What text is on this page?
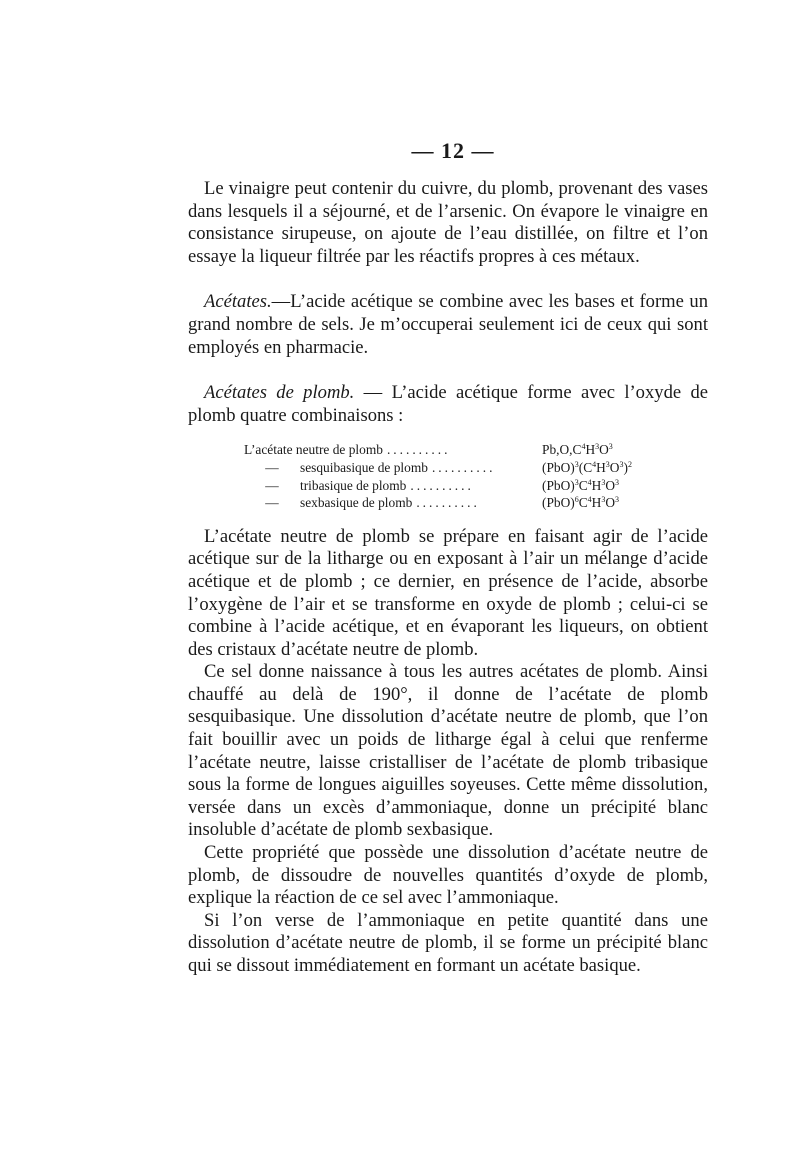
— 12 —

Le vinaigre peut contenir du cuivre, du plomb, provenant des vases dans lesquels il a séjourné, et de l’arsenic. On évapore le vinaigre en consistance sirupeuse, on ajoute de l’eau distillée, on filtre et l’on essaye la liqueur filtrée par les réactifs propres à ces métaux.

Acétates.—L’acide acétique se combine avec les bases et forme un grand nombre de sels. Je m’occuperai seulement ici de ceux qui sont employés en pharmacie.

Acétates de plomb. — L’acide acétique forme avec l’oxyde de plomb quatre combinaisons :

L’acétate neutre de plomb ..........	$Pb,O,C^4H^3O^3$
—	sesquibasique de plomb ..........	$(PbO)^3(C^4H^3O^3)^2$
—	tribasique de plomb ..........	$(PbO)^3C^4H^3O^3$
—	sexbasique de plomb ..........	$(PbO)^6C^4H^3O^3$

L’acétate neutre de plomb se prépare en faisant agir de l’acide acétique sur de la litharge ou en exposant à l’air un mélange d’acide acétique et de plomb ; ce dernier, en présence de l’acide, absorbe l’oxygène de l’air et se transforme en oxyde de plomb ; celui-ci se combine à l’acide acétique, et en évaporant les liqueurs, on obtient des cristaux d’acétate neutre de plomb.

Ce sel donne naissance à tous les autres acétates de plomb. Ainsi chauffé au delà de 190°, il donne de l’acétate de plomb sesquibasique. Une dissolution d’acétate neutre de plomb, que l’on fait bouillir avec un poids de litharge égal à celui que renferme l’acétate neutre, laisse cristalliser de l’acétate de plomb tribasique sous la forme de longues aiguilles soyeuses. Cette même dissolution, versée dans un excès d’ammoniaque, donne un précipité blanc insoluble d’acétate de plomb sexbasique.

Cette propriété que possède une dissolution d’acétate neutre de plomb, de dissoudre de nouvelles quantités d’oxyde de plomb, explique la réaction de ce sel avec l’ammoniaque.

Si l’on verse de l’ammoniaque en petite quantité dans une dissolution d’acétate neutre de plomb, il se forme un précipité blanc qui se dissout immédiatement en formant un acétate basique.
